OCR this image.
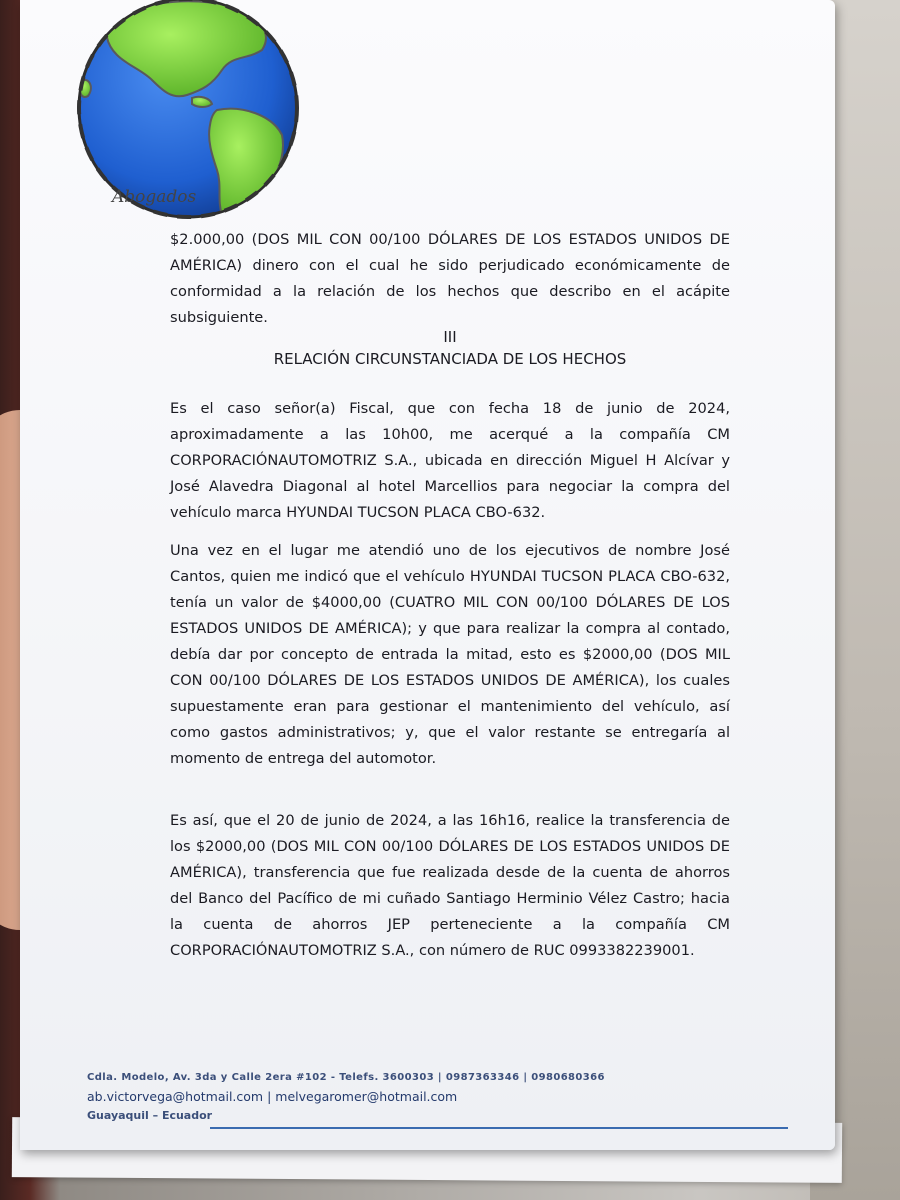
Abogados
$2.000,00 (DOS MIL CON 00/100 DÓLARES DE LOS ESTADOS UNIDOS DE AMÉRICA) dinero con el cual he sido perjudicado económicamente de conformidad a la relación de los hechos que describo en el acápite subsiguiente.
III
RELACIÓN CIRCUNSTANCIADA DE LOS HECHOS
Es el caso señor(a) Fiscal, que con fecha 18 de junio de 2024, aproximadamente a las 10h00, me acerqué a la compañía CM CORPORACIÓNAUTOMOTRIZ S.A., ubicada en dirección Miguel H Alcívar y José Alavedra Diagonal al hotel Marcellios para negociar la compra del vehículo marca HYUNDAI TUCSON PLACA CBO-632.
Una vez en el lugar me atendió uno de los ejecutivos de nombre José Cantos, quien me indicó que el vehículo HYUNDAI TUCSON PLACA CBO-632, tenía un valor de $4000,00 (CUATRO MIL CON 00/100 DÓLARES DE LOS ESTADOS UNIDOS DE AMÉRICA); y que para realizar la compra al contado, debía dar por concepto de entrada la mitad, esto es $2000,00 (DOS MIL CON 00/100 DÓLARES DE LOS ESTADOS UNIDOS DE AMÉRICA), los cuales supuestamente eran para gestionar el mantenimiento del vehículo, así como gastos administrativos; y, que el valor restante se entregaría al momento de entrega del automotor.
Es así, que el 20 de junio de 2024, a las 16h16, realice la transferencia de los $2000,00 (DOS MIL CON 00/100 DÓLARES DE LOS ESTADOS UNIDOS DE AMÉRICA), transferencia que fue realizada desde de la cuenta de ahorros del Banco del Pacífico de mi cuñado Santiago Herminio Vélez Castro; hacia la cuenta de ahorros JEP perteneciente a la compañía CM CORPORACIÓNAUTOMOTRIZ S.A., con número de RUC 0993382239001.
Cdla. Modelo, Av. 3da y Calle 2era #102 - Telefs. 3600303 | 0987363346 | 0980680366
ab.victorvega@hotmail.com | melvegaromer@hotmail.com
Guayaquil – Ecuador
